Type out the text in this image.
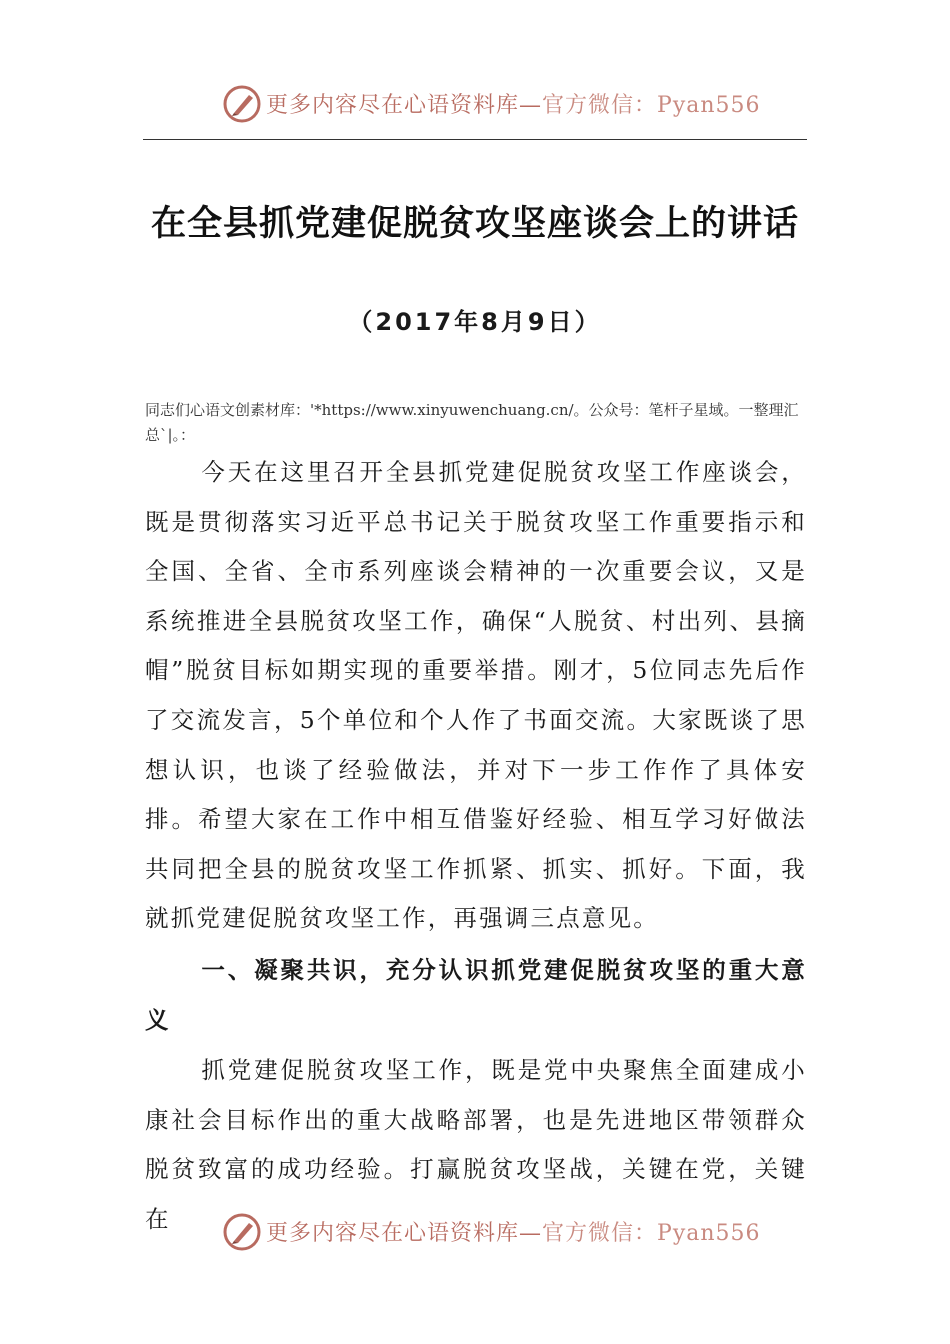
更多内容尽在心语资料库—官方微信：Pyan556
在全县抓党建促脱贫攻坚座谈会上的讲话
（2017年8月9日）
同志们心语文创素材库：'*https://www.xinyuwenchuang.cn/。公众号：笔杆子星域。一整理汇总`|。：
今天在这里召开全县抓党建促脱贫攻坚工作座谈会，既是贯彻落实习近平总书记关于脱贫攻坚工作重要指示和全国、全省、全市系列座谈会精神的一次重要会议，又是系统推进全县脱贫攻坚工作，确保“人脱贫、村出列、县摘帽”脱贫目标如期实现的重要举措。刚才，5位同志先后作了交流发言，5个单位和个人作了书面交流。大家既谈了思想认识，也谈了经验做法，并对下一步工作作了具体安排。希望大家在工作中相互借鉴好经验、相互学习好做法共同把全县的脱贫攻坚工作抓紧、抓实、抓好。下面，我就抓党建促脱贫攻坚工作，再强调三点意见。
一、凝聚共识，充分认识抓党建促脱贫攻坚的重大意义
抓党建促脱贫攻坚工作，既是党中央聚焦全面建成小康社会目标作出的重大战略部署，也是先进地区带领群众脱贫致富的成功经验。打赢脱贫攻坚战，关键在党，关键在
更多内容尽在心语资料库—官方微信：Pyan556
